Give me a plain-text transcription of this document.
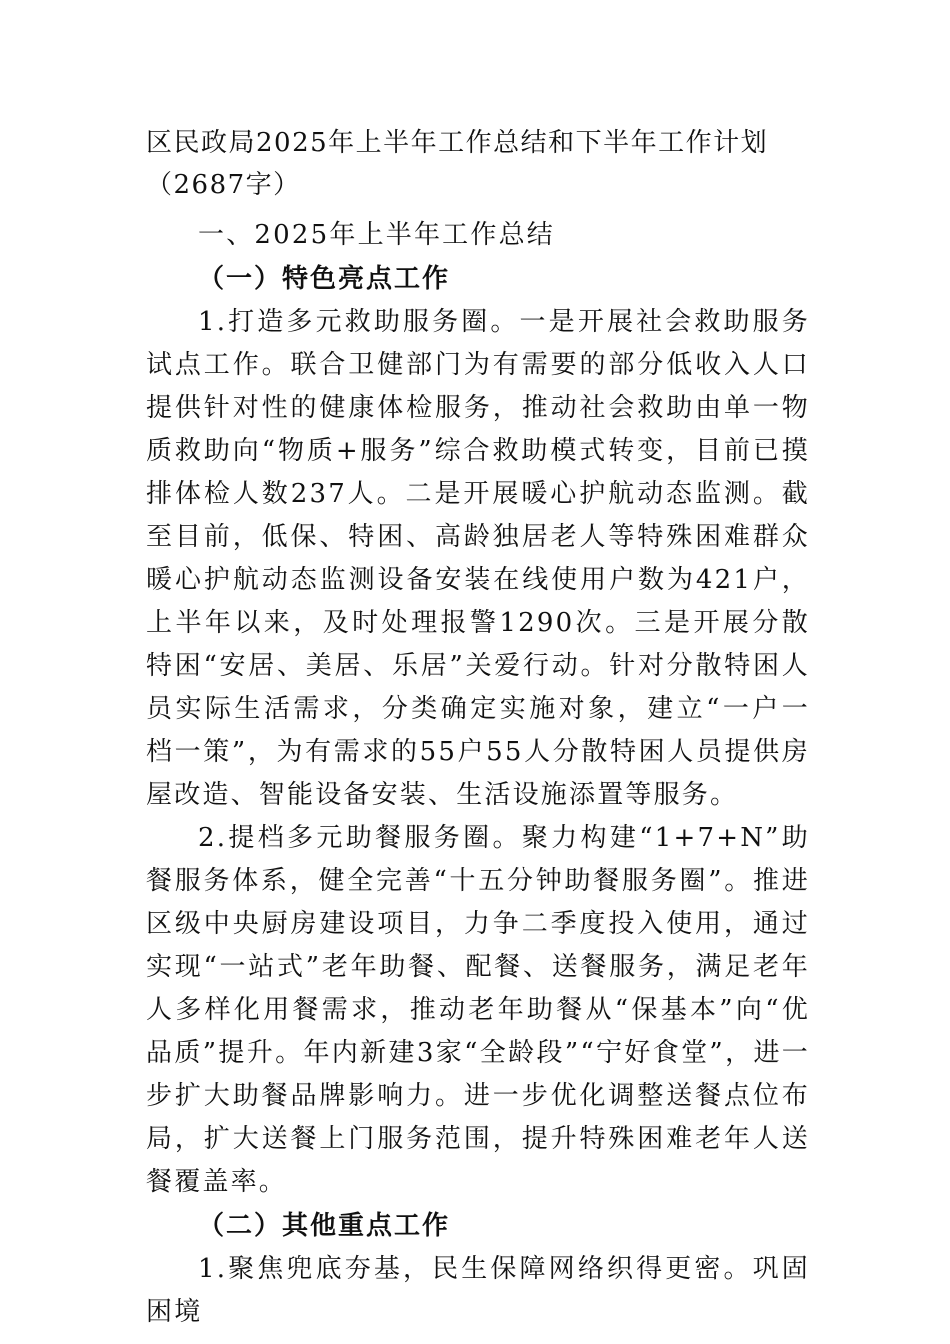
区民政局2025年上半年工作总结和下半年工作计划（2687字）
一、2025年上半年工作总结
（一）特色亮点工作
1.打造多元救助服务圈。一是开展社会救助服务试点工作。联合卫健部门为有需要的部分低收入人口提供针对性的健康体检服务，推动社会救助由单一物质救助向“物质+服务”综合救助模式转变，目前已摸排体检人数237人。二是开展暖心护航动态监测。截至目前，低保、特困、高龄独居老人等特殊困难群众暖心护航动态监测设备安装在线使用户数为421户，上半年以来，及时处理报警1290次。三是开展分散特困“安居、美居、乐居”关爱行动。针对分散特困人员实际生活需求，分类确定实施对象，建立“一户一档一策”，为有需求的55户55人分散特困人员提供房屋改造、智能设备安装、生活设施添置等服务。
2.提档多元助餐服务圈。聚力构建“1+7+N”助餐服务体系，健全完善“十五分钟助餐服务圈”。推进区级中央厨房建设项目，力争二季度投入使用，通过实现“一站式”老年助餐、配餐、送餐服务，满足老年人多样化用餐需求，推动老年助餐从“保基本”向“优品质”提升。年内新建3家“全龄段”“宁好食堂”，进一步扩大助餐品牌影响力。进一步优化调整送餐点位布局，扩大送餐上门服务范围，提升特殊困难老年人送餐覆盖率。
（二）其他重点工作
1.聚焦兜底夯基，民生保障网络织得更密。巩固困境
